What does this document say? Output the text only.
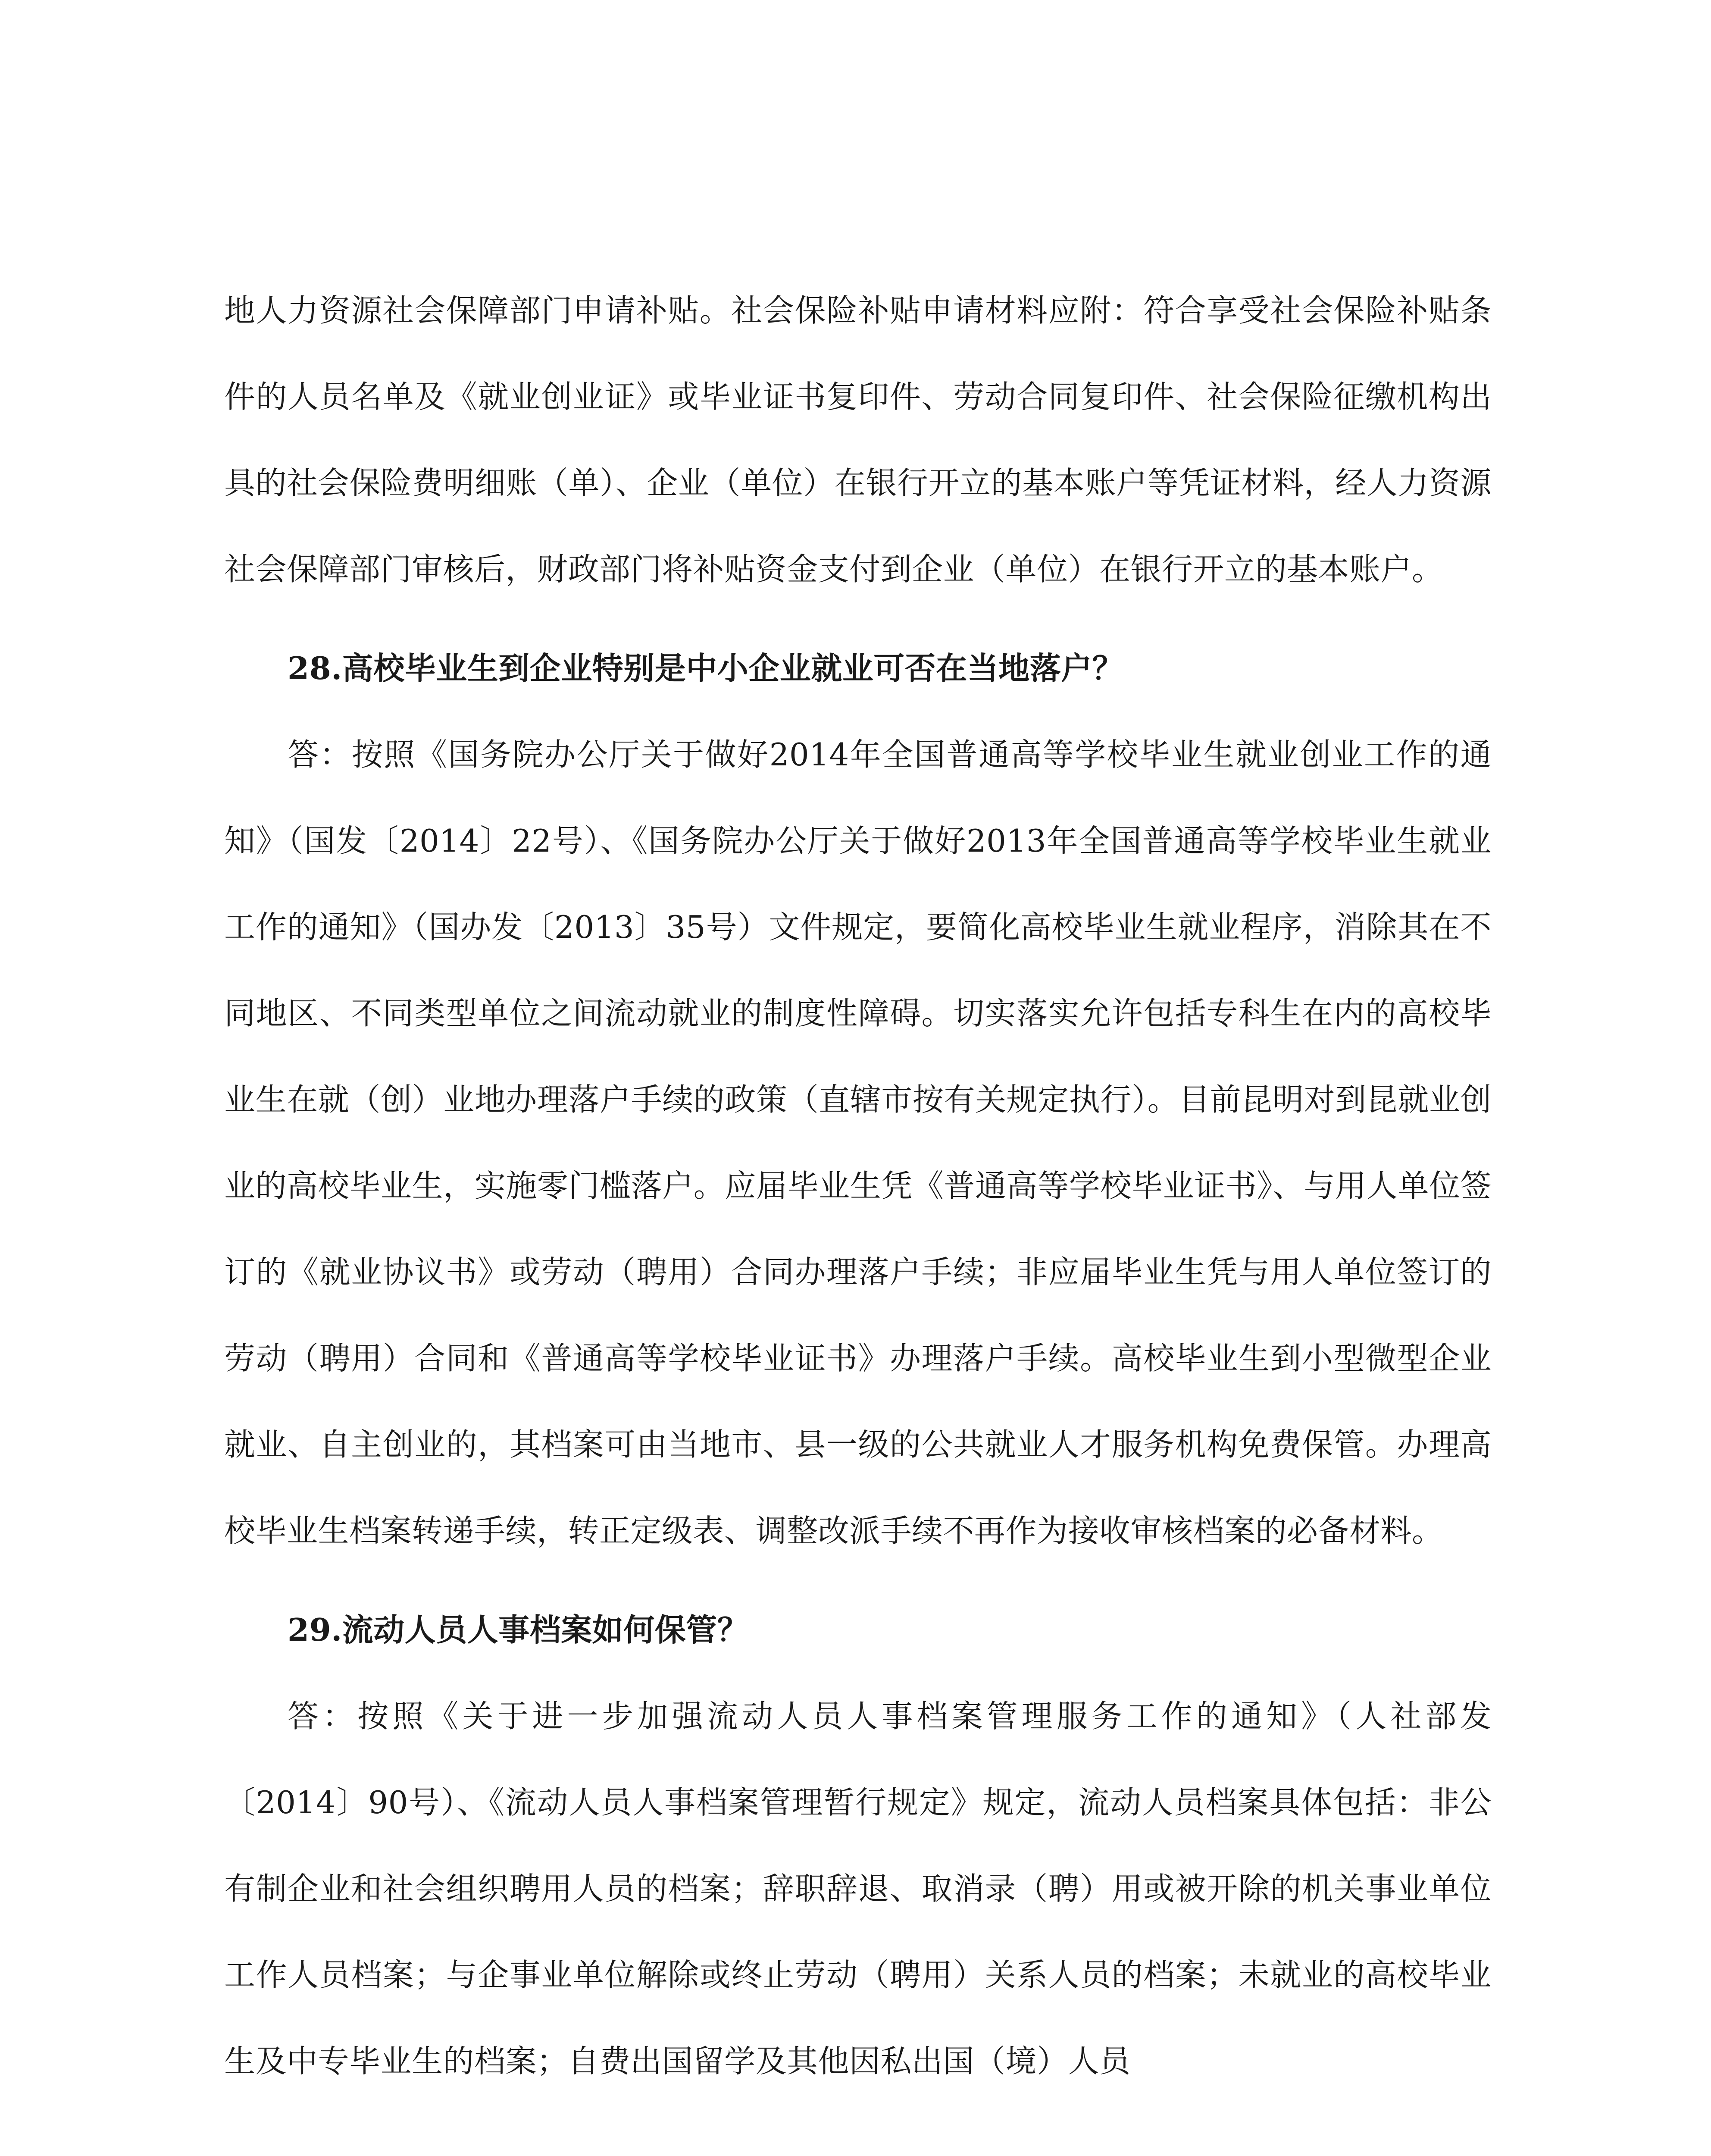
地人力资源社会保障部门申请补贴。社会保险补贴申请材料应附：符合享受社会保险补贴条件的人员名单及《就业创业证》或毕业证书复印件、劳动合同复印件、社会保险征缴机构出具的社会保险费明细账（单）、企业（单位）在银行开立的基本账户等凭证材料，经人力资源社会保障部门审核后，财政部门将补贴资金支付到企业（单位）在银行开立的基本账户。

28.高校毕业生到企业特别是中小企业就业可否在当地落户？

答：按照《国务院办公厅关于做好2014年全国普通高等学校毕业生就业创业工作的通知》（国发〔2014〕22号）、《国务院办公厅关于做好2013年全国普通高等学校毕业生就业工作的通知》（国办发〔2013〕35号）文件规定，要简化高校毕业生就业程序，消除其在不同地区、不同类型单位之间流动就业的制度性障碍。切实落实允许包括专科生在内的高校毕业生在就（创）业地办理落户手续的政策（直辖市按有关规定执行）。目前昆明对到昆就业创业的高校毕业生，实施零门槛落户。应届毕业生凭《普通高等学校毕业证书》、与用人单位签订的《就业协议书》或劳动（聘用）合同办理落户手续；非应届毕业生凭与用人单位签订的劳动（聘用）合同和《普通高等学校毕业证书》办理落户手续。高校毕业生到小型微型企业就业、自主创业的，其档案可由当地市、县一级的公共就业人才服务机构免费保管。办理高校毕业生档案转递手续，转正定级表、调整改派手续不再作为接收审核档案的必备材料。

29.流动人员人事档案如何保管？

答：按照《关于进一步加强流动人员人事档案管理服务工作的通知》（人社部发〔2014〕90号）、《流动人员人事档案管理暂行规定》规定，流动人员档案具体包括：非公有制企业和社会组织聘用人员的档案；辞职辞退、取消录（聘）用或被开除的机关事业单位工作人员档案；与企事业单位解除或终止劳动（聘用）关系人员的档案；未就业的高校毕业生及中专毕业生的档案；自费出国留学及其他因私出国（境）人员
